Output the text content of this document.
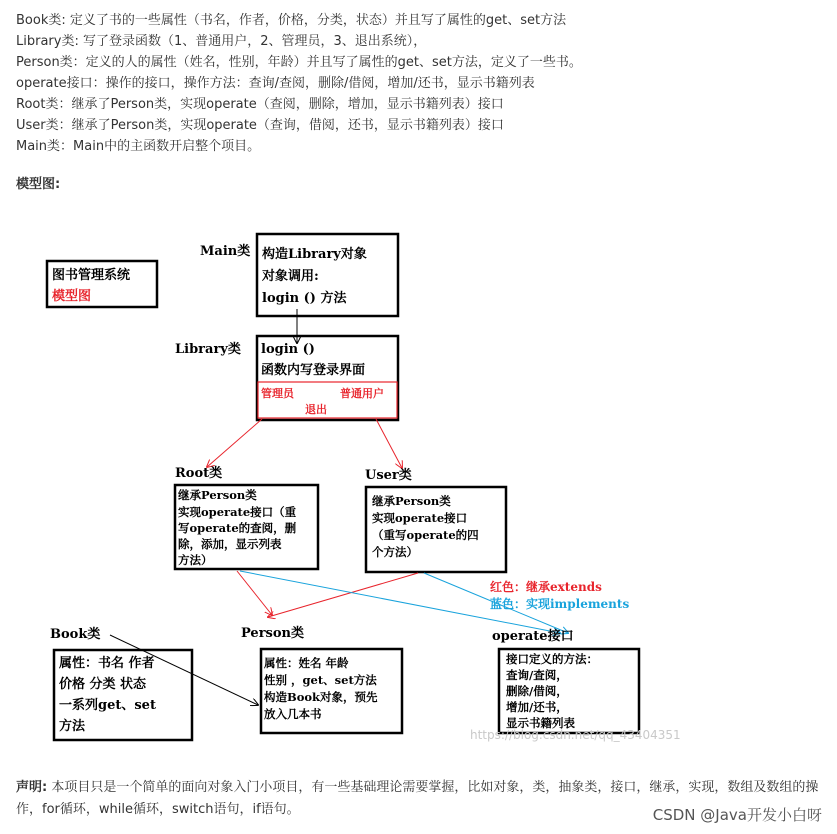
Book类: 定义了书的一些属性（书名，作者，价格，分类，状态）并且写了属性的get、set方法
Library类: 写了登录函数（1、普通用户，2、管理员，3、退出系统），
Person类：定义的人的属性（姓名，性别，年龄）并且写了属性的get、set方法，定义了一些书。
operate接口：操作的接口，操作方法：查询/查阅，删除/借阅，增加/还书，显示书籍列表
Root类：继承了Person类，实现operate（查阅，删除，增加，显示书籍列表）接口
User类：继承了Person类，实现operate（查询，借阅，还书，显示书籍列表）接口
Main类：Main中的主函数开启整个项目。
模型图:
图书管理系统
模型图
Main类 构造Library对象
对象调用:
login () 方法
Library类 login ()
函数内写登录界面
管理员	普通用户
退出
Root类
继承Person类
实现operate接口（重
写operate的查阅，删
除，添加，显示列表
方法）
User类
继承Person类
实现operate接口
（重写operate的四
个方法）
红色：继承extends
蓝色：实现implements
Book类
属性：书名 作者
价格 分类 状态
一系列get、set
方法
Person类
属性：姓名 年龄
性别 ，get、set方法
构造Book对象，预先
放入几本书
operate接口
接口定义的方法：
查询/查阅，
删除/借阅，
增加/还书，
显示书籍列表
https://blog.csdn.net/qq_43404351
声明: 本项目只是一个简单的面向对象入门小项目，有一些基础理论需要掌握，比如对象，类，抽象类，接口，继承，实现，数组及数组的操作，for循环，while循环，switch语句，if语句。	CSDN @Java开发小白呀
